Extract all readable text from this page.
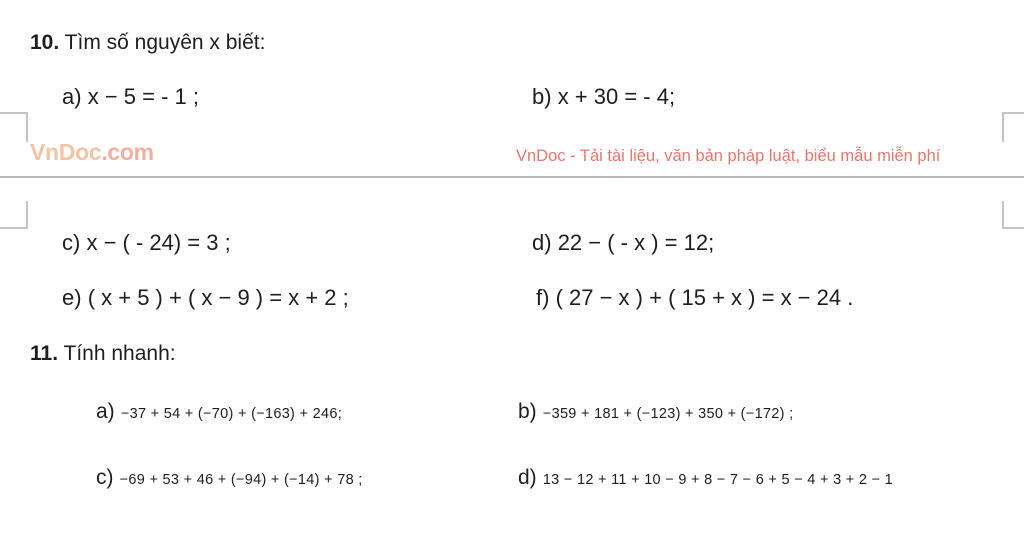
10. Tìm số nguyên x biết:
a) x − 5 = - 1 ;	b) x + 30 = - 4;
VnDoc.com	VnDoc - Tải tài liệu, văn bản pháp luật, biểu mẫu miễn phí
c) x − ( - 24) = 3 ;	d) 22 − ( - x ) = 12;
e) ( x + 5 ) + ( x − 9 ) = x + 2 ;	f) ( 27 − x ) + ( 15 + x ) = x − 24 .
11. Tính nhanh:
a) −37 + 54 + (−70) + (−163) + 246;	b) −359 + 181 + (−123) + 350 + (−172) ;
c) −69 + 53 + 46 + (−94) + (−14) + 78 ;	d) 13 − 12 + 11 + 10 − 9 + 8 − 7 − 6 + 5 − 4 + 3 + 2 − 1
